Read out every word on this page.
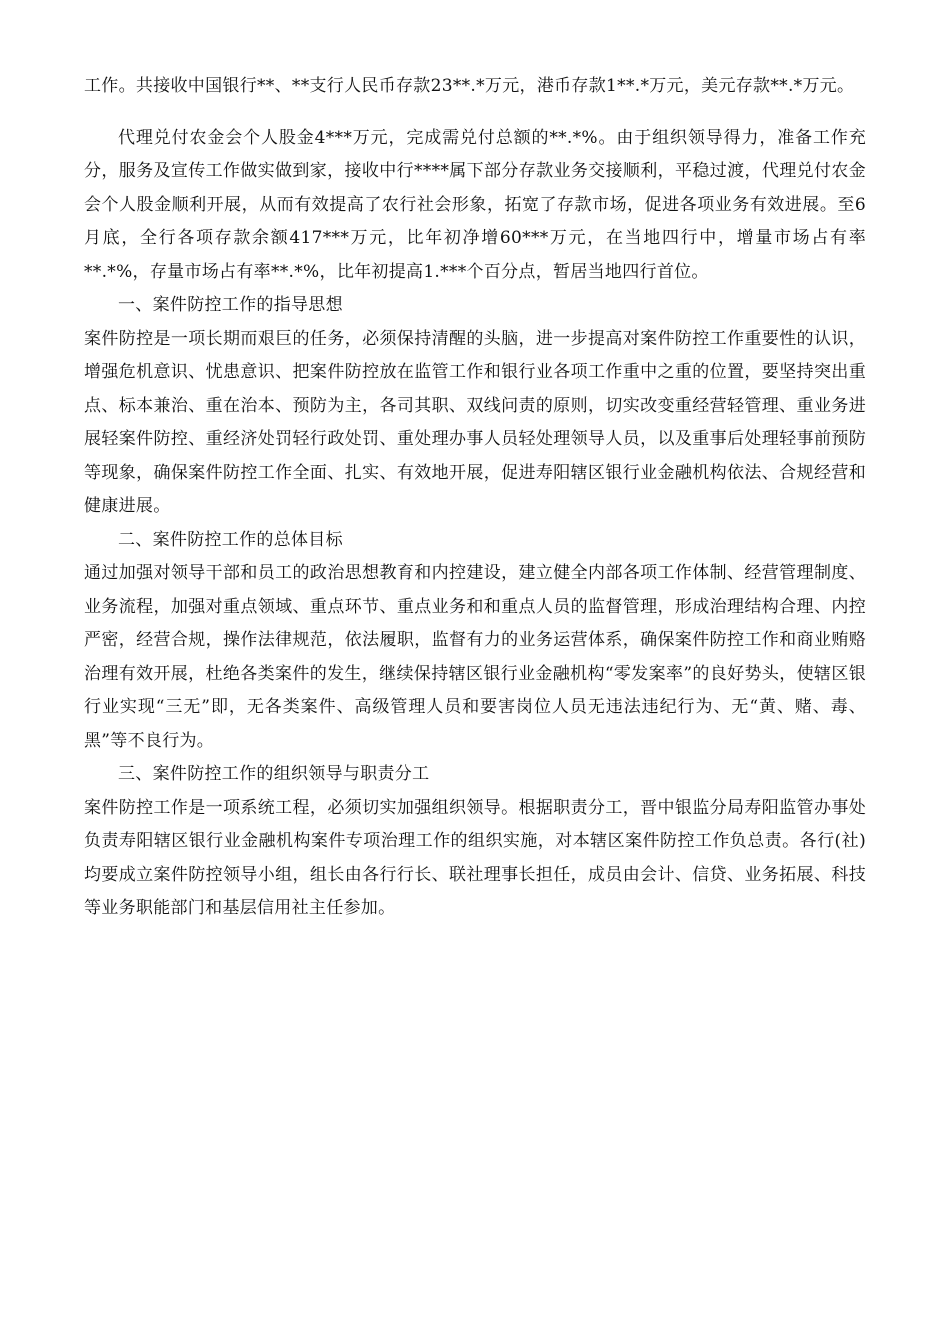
工作。共接收中国银行**、**支行人民币存款23**.*万元，港币存款1**.*万元，美元存款**.*万元。

代理兑付农金会个人股金4***万元，完成需兑付总额的**.*%。由于组织领导得力，准备工作充分，服务及宣传工作做实做到家，接收中行****属下部分存款业务交接顺利，平稳过渡，代理兑付农金会个人股金顺利开展，从而有效提高了农行社会形象，拓宽了存款市场，促进各项业务有效进展。至6月底，全行各项存款余额417***万元，比年初净增60***万元，在当地四行中，增量市场占有率**.*%，存量市场占有率**.*%，比年初提高1.***个百分点，暂居当地四行首位。

一、案件防控工作的指导思想

案件防控是一项长期而艰巨的任务，必须保持清醒的头脑，进一步提高对案件防控工作重要性的认识，增强危机意识、忧患意识、把案件防控放在监管工作和银行业各项工作重中之重的位置，要坚持突出重点、标本兼治、重在治本、预防为主，各司其职、双线问责的原则，切实改变重经营轻管理、重业务进展轻案件防控、重经济处罚轻行政处罚、重处理办事人员轻处理领导人员，以及重事后处理轻事前预防等现象，确保案件防控工作全面、扎实、有效地开展，促进寿阳辖区银行业金融机构依法、合规经营和健康进展。

二、案件防控工作的总体目标

通过加强对领导干部和员工的政治思想教育和内控建设，建立健全内部各项工作体制、经营管理制度、业务流程，加强对重点领域、重点环节、重点业务和和重点人员的监督管理，形成治理结构合理、内控严密，经营合规，操作法律规范，依法履职，监督有力的业务运营体系，确保案件防控工作和商业贿赂治理有效开展，杜绝各类案件的发生，继续保持辖区银行业金融机构“零发案率”的良好势头，使辖区银行业实现“三无”即，无各类案件、高级管理人员和要害岗位人员无违法违纪行为、无“黄、赌、毒、黑”等不良行为。

三、案件防控工作的组织领导与职责分工

案件防控工作是一项系统工程，必须切实加强组织领导。根据职责分工，晋中银监分局寿阳监管办事处负责寿阳辖区银行业金融机构案件专项治理工作的组织实施，对本辖区案件防控工作负总责。各行(社)均要成立案件防控领导小组，组长由各行行长、联社理事长担任，成员由会计、信贷、业务拓展、科技等业务职能部门和基层信用社主任参加。
